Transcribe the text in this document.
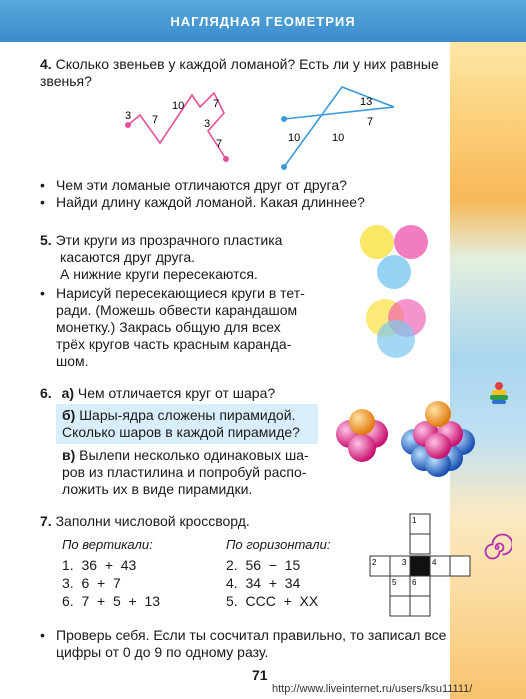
НАГЛЯДНАЯ ГЕОМЕТРИЯ
4. Сколько звеньев у каждой ломаной? Есть ли у них равные
звенья?
3 7
10	7
3
7
13
7
10	10
• Чем эти ломаные отличаются друг от друга?
• Найди длину каждой ломаной. Какая длиннее?
5. Эти круги из прозрачного пластика
касаются друг друга.
А нижние круги пересекаются.
• Нарисуй пересекающиеся круги в тет-
ради. (Можешь обвести карандашом
монетку.) Закрась общую для всех
трёх кругов часть красным каранда-
шом.
6. а) Чем отличается круг от шара?
б) Шары-ядра сложены пирамидой.
Сколько шаров в каждой пирамиде?
в) Вылепи несколько одинаковых ша-
ров из пластилина и попробуй распо-
ложить их в виде пирамидки.
7. Заполни числовой кроссворд.
По вертикали:	По горизонтали:
1. 36  +  43
3. 6  +  7
6. 7  +  5  +  13
2. 56  −  15
4. 34  +  34
5. CCC  +  XX
1
2	3	4
5 6
• Проверь себя. Если ты сосчитал правильно, то записал все
цифры от 0 до 9 по одному разу.
71
http://www.liveinternet.ru/users/ksu11111/
